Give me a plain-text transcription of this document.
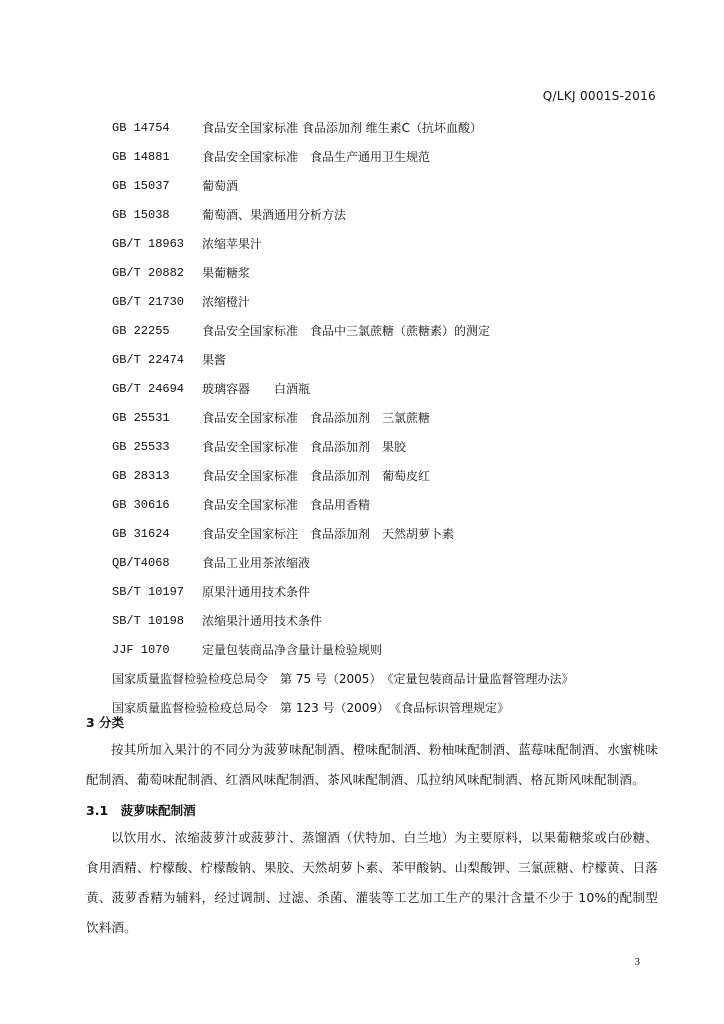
Q/LKJ 0001S-2016
GB 14754	食品安全国家标准 食品添加剂 维生素C（抗坏血酸）
GB 14881	食品安全国家标准　食品生产通用卫生规范
GB 15037	葡萄酒
GB 15038	葡萄酒、果酒通用分析方法
GB/T 18963	浓缩苹果汁
GB/T 20882	果葡糖浆
GB/T 21730	浓缩橙汁
GB 22255	食品安全国家标准　食品中三氯蔗糖（蔗糖素）的测定
GB/T 22474	果酱
GB/T 24694	玻璃容器　　白酒瓶
GB 25531	食品安全国家标准　食品添加剂　三氯蔗糖
GB 25533	食品安全国家标准　食品添加剂　果胶
GB 28313	食品安全国家标准　食品添加剂　葡萄皮红
GB 30616	食品安全国家标准　食品用香精
GB 31624	食品安全国家标注　食品添加剂　天然胡萝卜素
QB/T4068	食品工业用茶浓缩液
SB/T 10197	原果汁通用技术条件
SB/T 10198	浓缩果汁通用技术条件
JJF 1070	定量包装商品净含量计量检验规则
国家质量监督检验检疫总局令　第 75 号（2005）　《定量包装商品计量监督管理办法》
国家质量监督检验检疫总局令　第 123 号（2009）　《食品标识管理规定》
3 分类
按其所加入果汁的不同分为菠萝味配制酒、橙味配制酒、粉柚味配制酒、蓝莓味配制酒、水蜜桃味配制酒、葡萄味配制酒、红酒风味配制酒、茶风味配制酒、瓜拉纳风味配制酒、格瓦斯风味配制酒。
3.1　菠萝味配制酒
以饮用水、浓缩菠萝汁或菠萝汁、蒸馏酒（伏特加、白兰地）为主要原料，以果葡糖浆或白砂糖、食用酒精、柠檬酸、柠檬酸钠、果胶、天然胡萝卜素、苯甲酸钠、山梨酸钾、三氯蔗糖、柠檬黄、日落黄、菠萝香精为辅料，经过调制、过滤、杀菌、灌装等工艺加工生产的果汁含量不少于 10%的配制型饮料酒。
3
